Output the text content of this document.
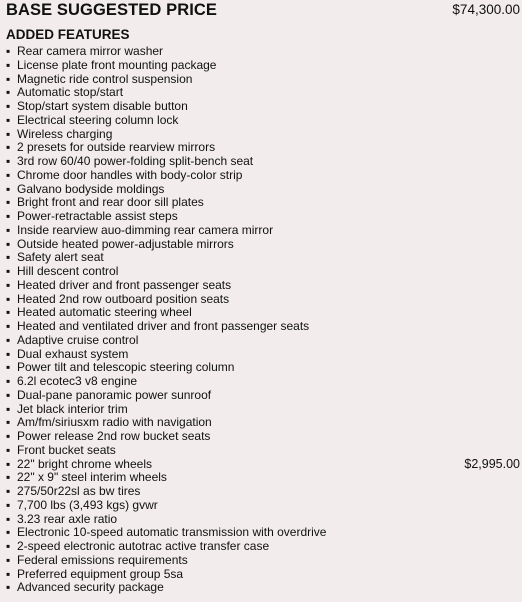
BASE SUGGESTED PRICE	$74,300.00
ADDED FEATURES
▪ Rear camera mirror washer
▪ License plate front mounting package
▪ Magnetic ride control suspension
▪ Automatic stop/start
▪ Stop/start system disable button
▪ Electrical steering column lock
▪ Wireless charging
▪ 2 presets for outside rearview mirrors
▪ 3rd row 60/40 power-folding split-bench seat
▪ Chrome door handles with body-color strip
▪ Galvano bodyside moldings
▪ Bright front and rear door sill plates
▪ Power-retractable assist steps
▪ Inside rearview auo-dimming rear camera mirror
▪ Outside heated power-adjustable mirrors
▪ Safety alert seat
▪ Hill descent control
▪ Heated driver and front passenger seats
▪ Heated 2nd row outboard position seats
▪ Heated automatic steering wheel
▪ Heated and ventilated driver and front passenger seats
▪ Adaptive cruise control
▪ Dual exhaust system
▪ Power tilt and telescopic steering column
▪ 6.2l ecotec3 v8 engine
▪ Dual-pane panoramic power sunroof
▪ Jet black interior trim
▪ Am/fm/siriusxm radio with navigation
▪ Power release 2nd row bucket seats
▪ Front bucket seats
▪ 22" bright chrome wheels	$2,995.00
▪ 22" x 9" steel interim wheels
▪ 275/50r22sl as bw tires
▪ 7,700 lbs (3,493 kgs) gvwr
▪ 3.23 rear axle ratio
▪ Electronic 10-speed automatic transmission with overdrive
▪ 2-speed electronic autotrac active transfer case
▪ Federal emissions requirements
▪ Preferred equipment group 5sa
▪ Advanced security package
